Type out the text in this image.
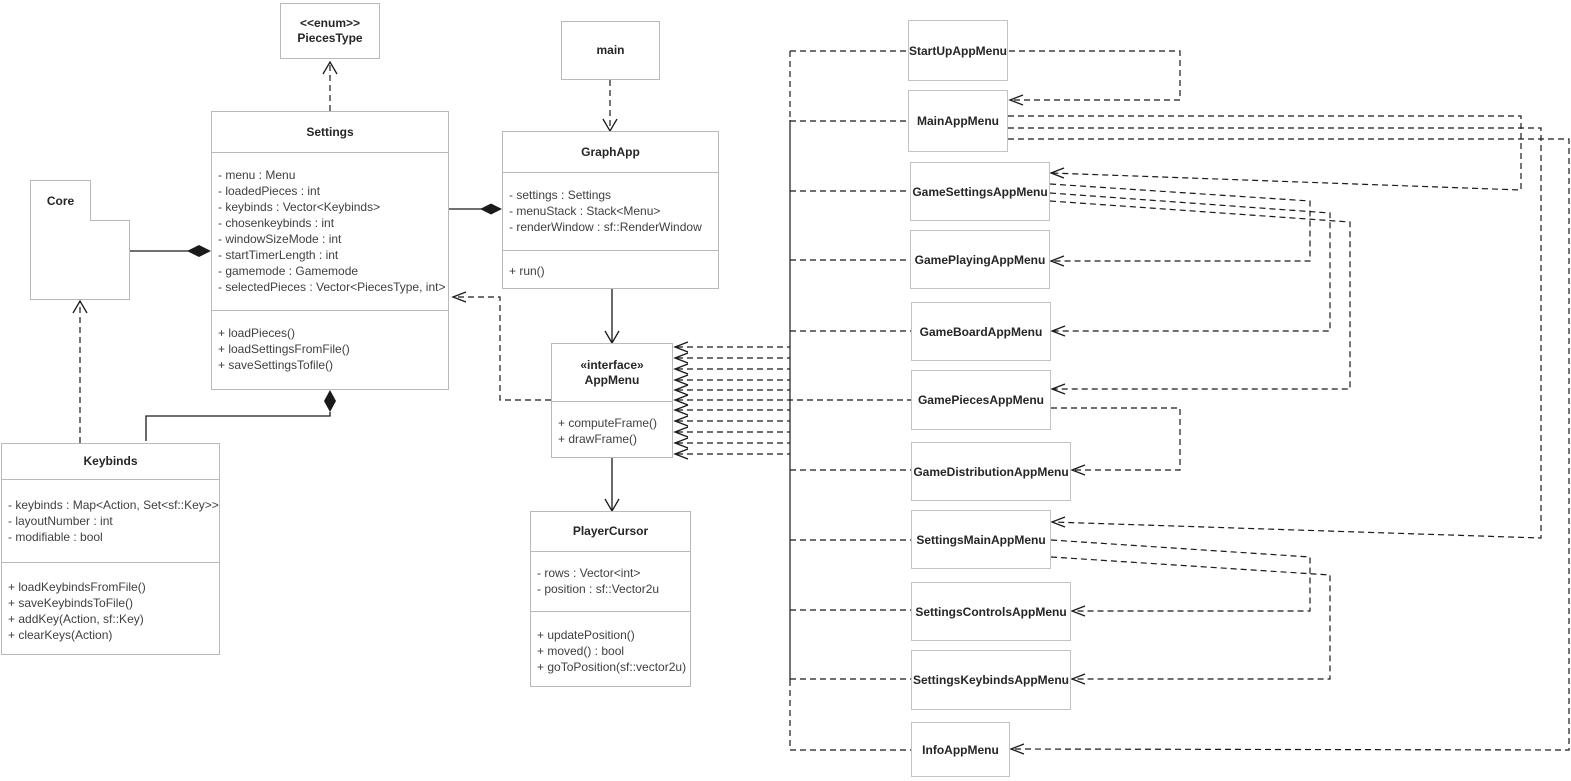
<<enum>>
PiecesType
main
Settings
- menu : Menu
- loadedPieces : int
- keybinds : Vector<Keybinds>
- chosenkeybinds : int
- windowSizeMode : int
- startTimerLength : int
- gamemode : Gamemode
- selectedPieces : Vector<PiecesType, int>
+ loadPieces()
+ loadSettingsFromFile()
+ saveSettingsTofile()
Core
GraphApp
- settings : Settings
- menuStack : Stack<Menu>
- renderWindow : sf::RenderWindow
+ run()
«interface»
AppMenu
+ computeFrame()
+ drawFrame()
Keybinds
- keybinds : Map<Action, Set<sf::Key>>
- layoutNumber : int
- modifiable : bool
+ loadKeybindsFromFile()
+ saveKeybindsToFile()
+ addKey(Action, sf::Key)
+ clearKeys(Action)
PlayerCursor
- rows : Vector<int>
- position : sf::Vector2u
+ updatePosition()
+ moved() : bool
+ goToPosition(sf::vector2u)
StartUpAppMenu
MainAppMenu
GameSettingsAppMenu
GamePlayingAppMenu
GameBoardAppMenu
GamePiecesAppMenu
GameDistributionAppMenu
SettingsMainAppMenu
SettingsControlsAppMenu
SettingsKeybindsAppMenu
InfoAppMenu
